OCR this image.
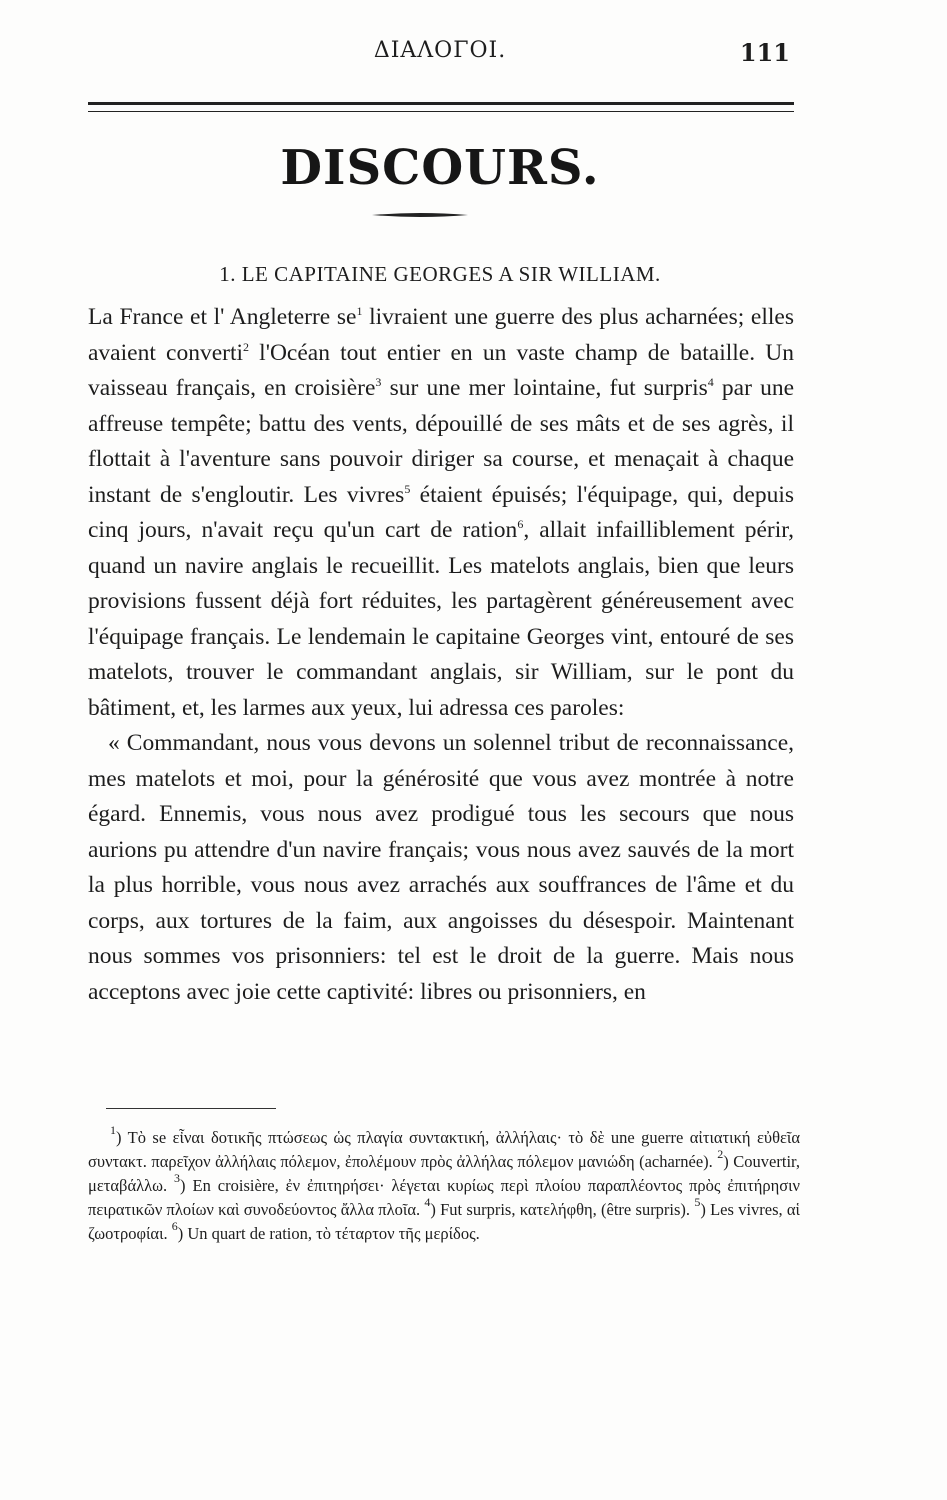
ΔΙΑΛΟΓΟΙ.	111
DISCOURS.
1. LE CAPITAINE GEORGES A SIR WILLIAM.

La France et l' Angleterre $se^1$ livraient une guerre des plus acharnées; elles avaient converti$^2$ l'Océan tout entier en un vaste champ de bataille. Un vaisseau français, en croisière$^3$ sur une mer lointaine, fut surpris$^4$ par une affreuse tempête; battu des vents, dépouillé de ses mâts et de ses agrès, il flottait à l'aventure sans pouvoir diriger sa course, et menaçait à chaque instant de s'engloutir. Les vivres$^5$ étaient épuisés; l'équipage, qui, depuis cinq jours, n'avait reçu qu'un cart de ration$^6$, allait infailliblement périr, quand un navire anglais le recueillit. Les matelots anglais, bien que leurs provisions fussent déjà fort réduites, les partagèrent généreusement avec l'équipage français. Le lendemain le capitaine Georges vint, entouré de ses matelots, trouver le commandant anglais, sir William, sur le pont du bâtiment, et, les larmes aux yeux, lui adressa ces paroles:

« Commandant, nous vous devons un solennel tribut de reconnaissance, mes matelots et moi, pour la générosité que vous avez montrée à notre égard. Ennemis, vous nous avez prodigué tous les secours que nous aurions pu attendre d'un navire français; vous nous avez sauvés de la mort la plus horrible, vous nous avez arrachés aux souffrances de l'âme et du corps, aux tortures de la faim, aux angoisses du désespoir. Maintenant nous sommes vos prisonniers: tel est le droit de la guerre. Mais nous acceptons avec joie cette captivité: libres ou prisonniers, en

$^1$) Τὸ se εἶναι δοτικῆς πτώσεως ὡς πλαγία συντακτική, ἀλλήλαις· τὸ δὲ une guerre αἰτιατική εὐθεῖα συντακτ. παρεῖχον ἀλλήλαις πόλεμον, ἐπολέμουν πρὸς ἀλλήλας πόλεμον μανιώδη (acharnée). $^2$) Couvertir, μεταβάλλω. $^3$) En croisière, ἐν ἐπιτηρήσει· λέγεται κυρίως περὶ πλοίου παραπλέοντος πρὸς ἐπιτήρησιν πειρατικῶν πλοίων καὶ συνοδεύοντος ἄλλα πλοῖα. $^4$) Fut surpris, κατελήφθη, (être surpris). $^5$) Les vivres, αἱ ζωοτροφίαι. $^6$) Un quart de ration, τὸ τέταρτον τῆς μερίδος.
